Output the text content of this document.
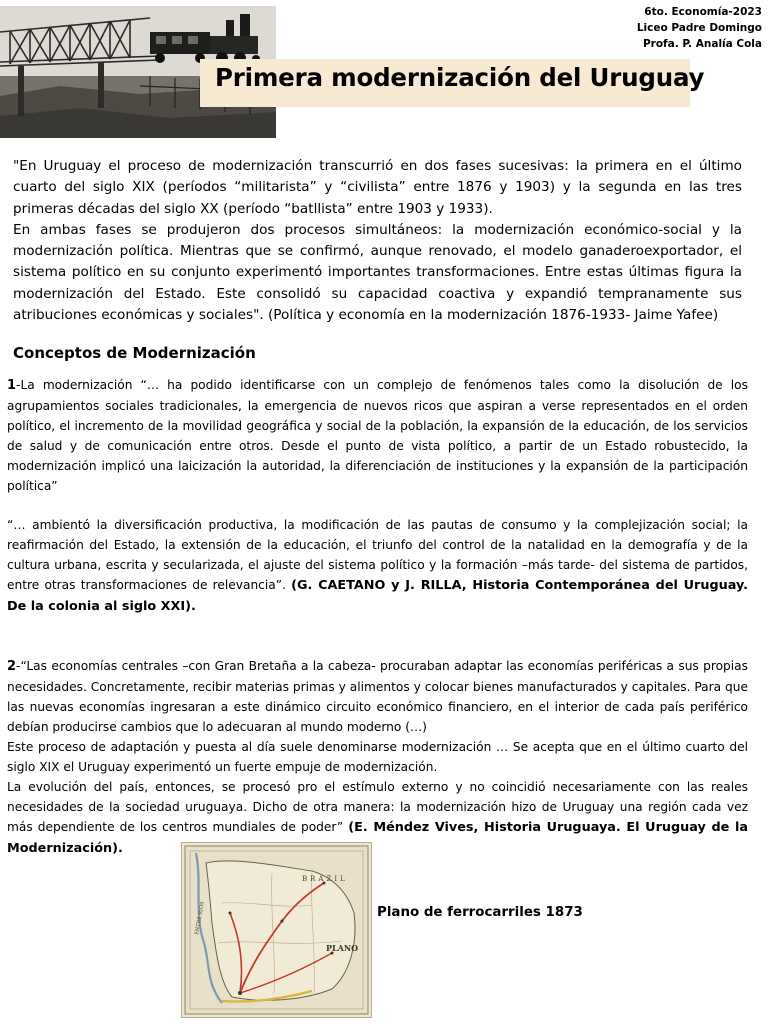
6to. Economía-2023
Liceo Padre Domingo
Profa. P. Analía Cola
Primera modernización del Uruguay

"En Uruguay el proceso de modernización transcurrió en dos fases sucesivas: la primera en el último cuarto del siglo XIX (períodos “militarista” y “civilista” entre 1876 y 1903) y la segunda en las tres primeras décadas del siglo XX (período “batllista” entre 1903 y 1933).

En ambas fases se produjeron dos procesos simultáneos: la modernización económico-social y la modernización política. Mientras que se confirmó, aunque renovado, el modelo ganaderoexportador, el sistema político en su conjunto experimentó importantes transformaciones. Entre estas últimas figura la modernización del Estado. Este consolidó su capacidad coactiva y expandió tempranamente sus atribuciones económicas y sociales". (Política y economía en la modernización 1876-1933- Jaime Yafee)

Conceptos de Modernización

1-La modernización “… ha podido identificarse con un complejo de fenómenos tales como la disolución de los agrupamientos sociales tradicionales, la emergencia de nuevos ricos que aspiran a verse representados en el orden político, el incremento de la movilidad geográfica y social de la población, la expansión de la educación, de los servicios de salud y de comunicación entre otros. Desde el punto de vista político, a partir de un Estado robustecido, la modernización implicó una laicización la autoridad, la diferenciación de instituciones y la expansión de la participación política”

“… ambientó la diversificación productiva, la modificación de las pautas de consumo y la complejización social; la reafirmación del Estado, la extensión de la educación, el triunfo del control de la natalidad en la demografía y de la cultura urbana, escrita y secularizada, el ajuste del sistema político y la formación –más tarde- del sistema de partidos, entre otras transformaciones de relevancia”. (G. CAETANO y J. RILLA, Historia Contemporánea del Uruguay. De la colonia al siglo XXI).

2-“Las economías centrales –con Gran Bretaña a la cabeza- procuraban adaptar las economías periféricas a sus propias necesidades. Concretamente, recibir materias primas y alimentos y colocar bienes manufacturados y capitales. Para que las nuevas economías ingresaran a este dinámico circuito económico financiero, en el interior de cada país periférico debían producirse cambios que lo adecuaran al mundo moderno (…)

Este proceso de adaptación y puesta al día suele denominarse modernización … Se acepta que en el último cuarto del siglo XIX el Uruguay experimentó un fuerte empuje de modernización.

La evolución del país, entonces, se procesó pro el estímulo externo y no coincidió necesariamente con las reales necesidades de la sociedad uruguaya. Dicho de otra manera: la modernización hizo de Uruguay una región cada vez más dependiente de los centros mundiales de poder” (E. Méndez Vives, Historia Uruguaya. El Uruguay de la Modernización).

BRAZIL
PLANO
ENTRE RIOS	Plano de ferrocarriles 1873
